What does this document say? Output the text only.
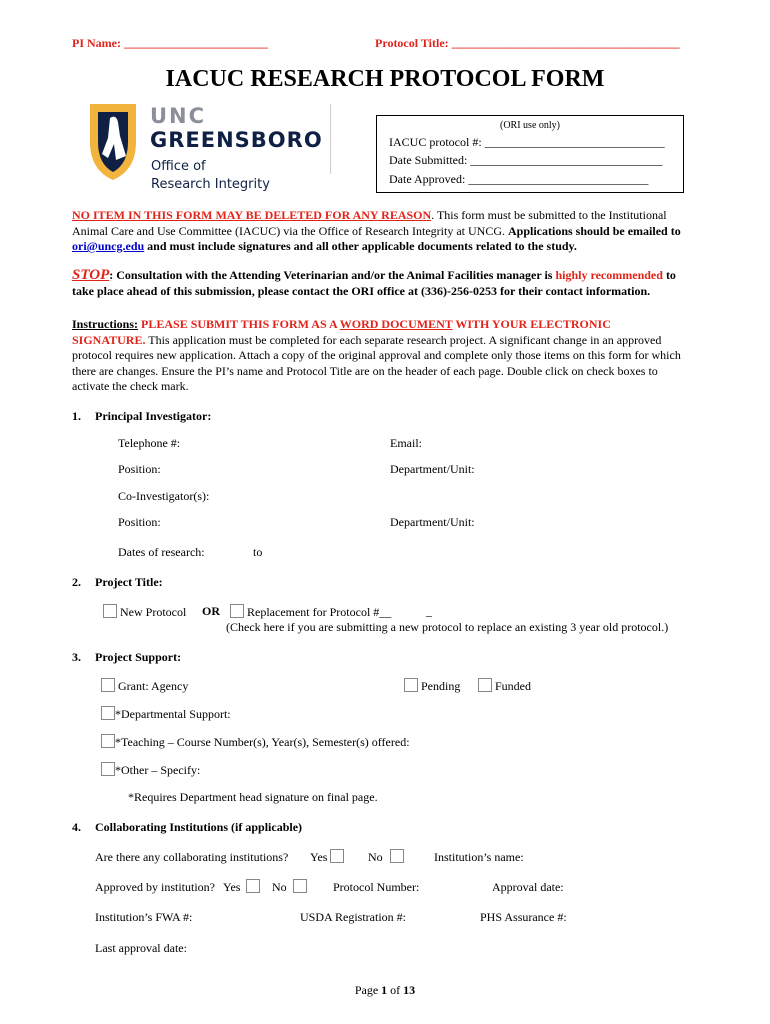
PI Name: ________________________	Protocol Title: ______________________________________
IACUC RESEARCH PROTOCOL FORM
UNC
GREENSBORO
Office of
Research Integrity
(ORI use only)
IACUC protocol #: ______________________________
Date Submitted: ________________________________
Date Approved: ______________________________
NO ITEM IN THIS FORM MAY BE DELETED FOR ANY REASON. This form must be submitted to the Institutional
Animal Care and Use Committee (IACUC) via the Office of Research Integrity at UNCG. Applications should be emailed to
ori@uncg.edu and must include signatures and all other applicable documents related to the study.
STOP: Consultation with the Attending Veterinarian and/or the Animal Facilities manager is highly recommended to
take place ahead of this submission, please contact the ORI office at (336)-256-0253 for their contact information.
Instructions: PLEASE SUBMIT THIS FORM AS A WORD DOCUMENT WITH YOUR ELECTRONIC
SIGNATURE. This application must be completed for each separate research project. A significant change in an approved
protocol requires new application. Attach a copy of the original approval and complete only those items on this form for which
there are changes. Ensure the PI’s name and Protocol Title are on the header of each page. Double click on check boxes to
activate the check mark.
1. Principal Investigator:
Telephone #:	Email:
Position:	Department/Unit:
Co-Investigator(s):
Position:	Department/Unit:
Dates of research:	to
2. Project Title:
New Protocol OR	Replacement for Protocol #__	_
(Check here if you are submitting a new protocol to replace an existing 3 year old protocol.)
3. Project Support:
Grant: Agency	Pending	Funded
*Departmental Support:
*Teaching – Course Number(s), Year(s), Semester(s) offered:
*Other – Specify:
*Requires Department head signature on final page.
4. Collaborating Institutions (if applicable)
Are there any collaborating institutions? Yes	No	Institution’s name:
Approved by institution? Yes	No	Protocol Number:	Approval date:
Institution’s FWA #:	USDA Registration #:	PHS Assurance #:
Last approval date:
Page 1 of 13
